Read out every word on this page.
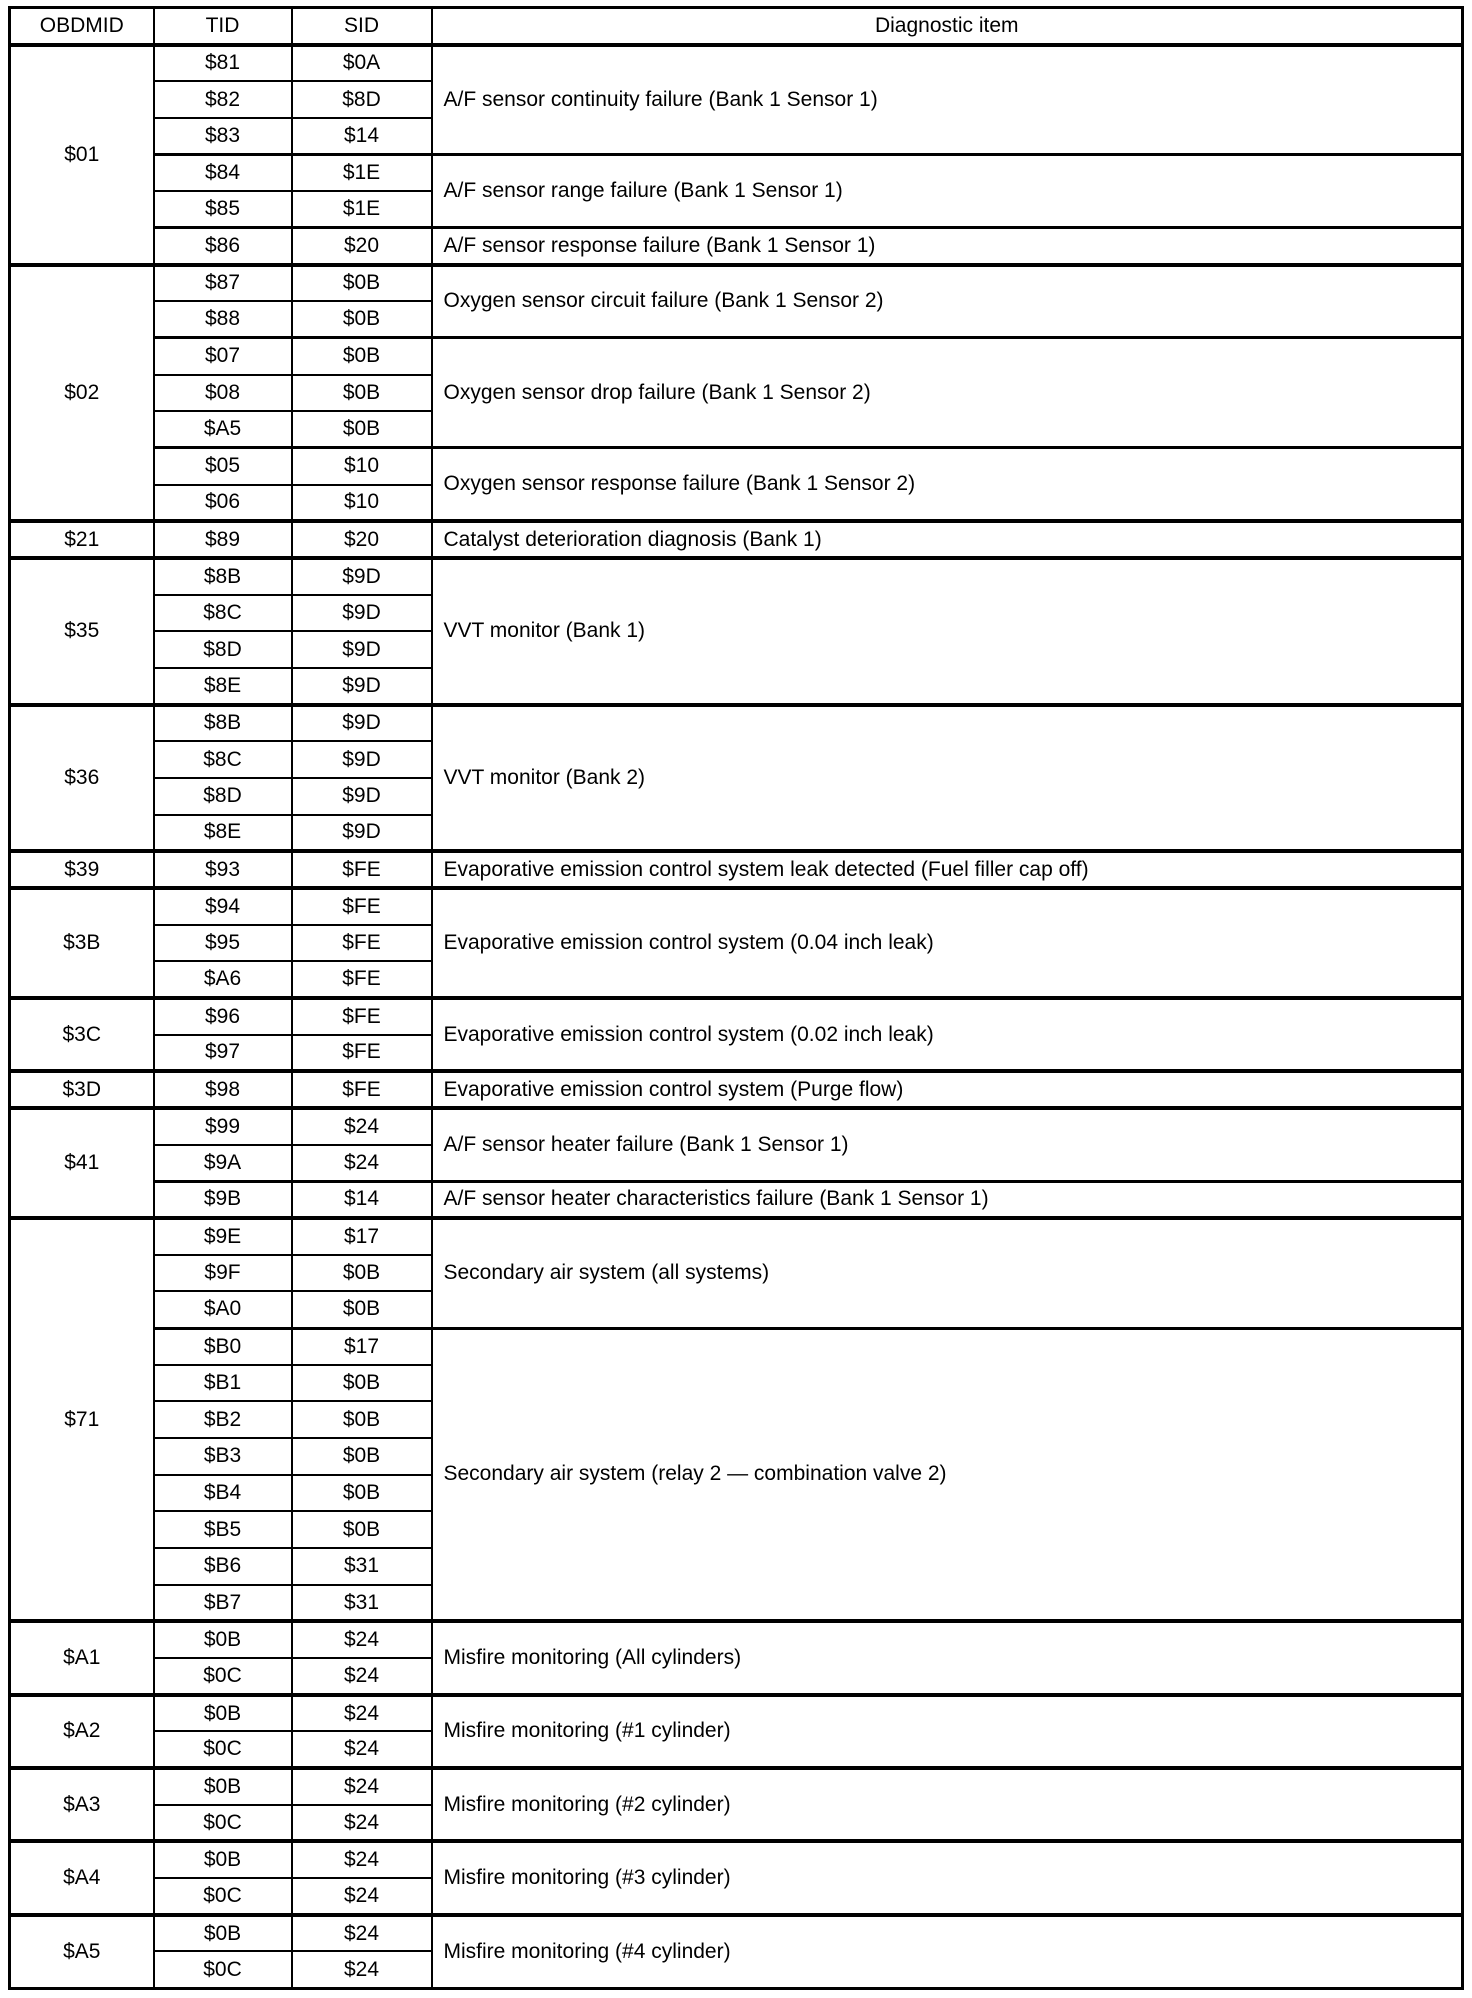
OBDMID	TID	SID	Diagnostic item
$01	$81	$0A	A/F sensor continuity failure (Bank 1 Sensor 1)
	$82	$8D	
	$83	$14	
	$84	$1E	A/F sensor range failure (Bank 1 Sensor 1)
	$85	$1E	
	$86	$20	A/F sensor response failure (Bank 1 Sensor 1)
$02	$87	$0B	Oxygen sensor circuit failure (Bank 1 Sensor 2)
	$88	$0B	
	$07	$0B	Oxygen sensor drop failure (Bank 1 Sensor 2)
	$08	$0B	
	$A5	$0B	
	$05	$10	Oxygen sensor response failure (Bank 1 Sensor 2)
	$06	$10	
$21	$89	$20	Catalyst deterioration diagnosis (Bank 1)
$35	$8B	$9D	VVT monitor (Bank 1)
	$8C	$9D	
	$8D	$9D	
	$8E	$9D	
$36	$8B	$9D	VVT monitor (Bank 2)
	$8C	$9D	
	$8D	$9D	
	$8E	$9D	
$39	$93	$FE	Evaporative emission control system leak detected (Fuel filler cap off)
$3B	$94	$FE	Evaporative emission control system (0.04 inch leak)
	$95	$FE	
	$A6	$FE	
$3C	$96	$FE	Evaporative emission control system (0.02 inch leak)
	$97	$FE	
$3D	$98	$FE	Evaporative emission control system (Purge flow)
$41	$99	$24	A/F sensor heater failure (Bank 1 Sensor 1)
	$9A	$24	
	$9B	$14	A/F sensor heater characteristics failure (Bank 1 Sensor 1)
$71	$9E	$17	Secondary air system (all systems)
	$9F	$0B	
	$A0	$0B	
	$B0	$17	Secondary air system (relay 2 — combination valve 2)
	$B1	$0B	
	$B2	$0B	
	$B3	$0B	
	$B4	$0B	
	$B5	$0B	
	$B6	$31	
	$B7	$31	
$A1	$0B	$24	Misfire monitoring (All cylinders)
	$0C	$24	
$A2	$0B	$24	Misfire monitoring (#1 cylinder)
	$0C	$24	
$A3	$0B	$24	Misfire monitoring (#2 cylinder)
	$0C	$24	
$A4	$0B	$24	Misfire monitoring (#3 cylinder)
	$0C	$24	
$A5	$0B	$24	Misfire monitoring (#4 cylinder)
	$0C	$24	
